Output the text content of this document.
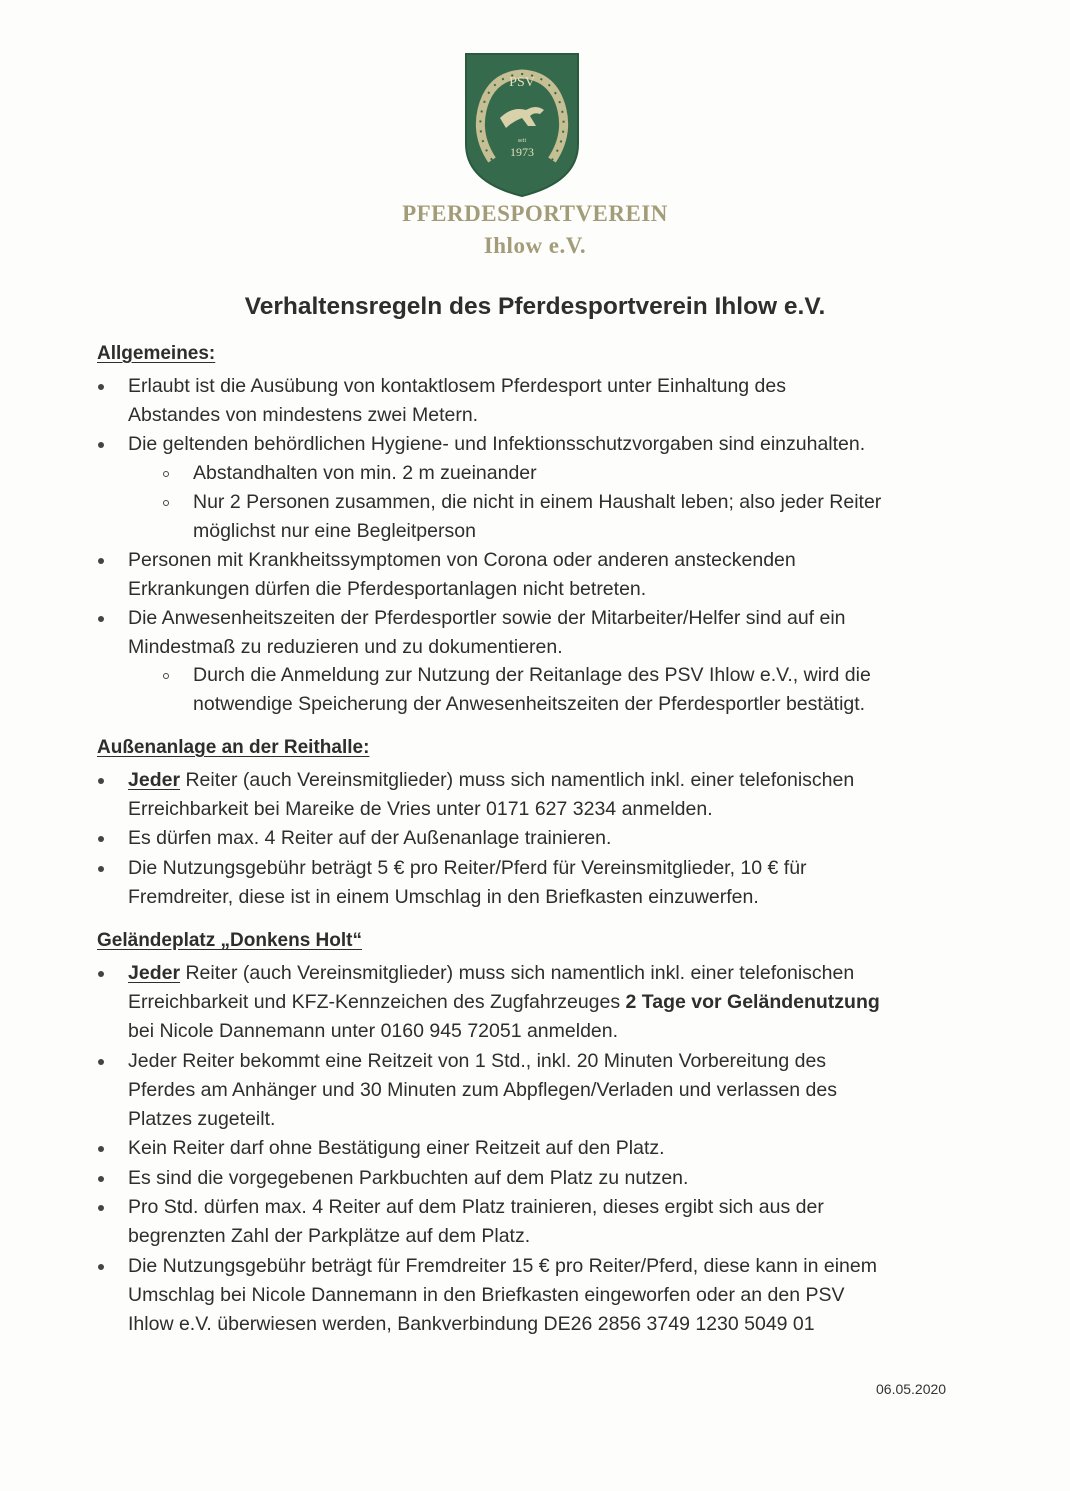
PSV
seit
1973
PFERDESPORTVEREIN
Ihlow e.V.
Verhaltensregeln des Pferdesportverein Ihlow e.V.
Allgemeines:
Erlaubt ist die Ausübung von kontaktlosem Pferdesport unter Einhaltung des
Abstandes von mindestens zwei Metern.
Die geltenden behördlichen Hygiene- und Infektionsschutzvorgaben sind einzuhalten.
Abstandhalten von min. 2 m zueinander
Nur 2 Personen zusammen, die nicht in einem Haushalt leben; also jeder Reiter
möglichst nur eine Begleitperson
Personen mit Krankheitssymptomen von Corona oder anderen ansteckenden
Erkrankungen dürfen die Pferdesportanlagen nicht betreten.
Die Anwesenheitszeiten der Pferdesportler sowie der Mitarbeiter/Helfer sind auf ein
Mindestmaß zu reduzieren und zu dokumentieren.
Durch die Anmeldung zur Nutzung der Reitanlage des PSV Ihlow e.V., wird die
notwendige Speicherung der Anwesenheitszeiten der Pferdesportler bestätigt.
Außenanlage an der Reithalle:
Jeder Reiter (auch Vereinsmitglieder) muss sich namentlich inkl. einer telefonischen
Erreichbarkeit bei Mareike de Vries unter 0171 627 3234 anmelden.
Es dürfen max. 4 Reiter auf der Außenanlage trainieren.
Die Nutzungsgebühr beträgt 5 € pro Reiter/Pferd für Vereinsmitglieder, 10 € für
Fremdreiter, diese ist in einem Umschlag in den Briefkasten einzuwerfen.
Geländeplatz „Donkens Holt“
Jeder Reiter (auch Vereinsmitglieder) muss sich namentlich inkl. einer telefonischen
Erreichbarkeit und KFZ-Kennzeichen des Zugfahrzeuges 2 Tage vor Geländenutzung
bei Nicole Dannemann unter 0160 945 72051 anmelden.
Jeder Reiter bekommt eine Reitzeit von 1 Std., inkl. 20 Minuten Vorbereitung des
Pferdes am Anhänger und 30 Minuten zum Abpflegen/Verladen und verlassen des
Platzes zugeteilt.
Kein Reiter darf ohne Bestätigung einer Reitzeit auf den Platz.
Es sind die vorgegebenen Parkbuchten auf dem Platz zu nutzen.
Pro Std. dürfen max. 4 Reiter auf dem Platz trainieren, dieses ergibt sich aus der
begrenzten Zahl der Parkplätze auf dem Platz.
Die Nutzungsgebühr beträgt für Fremdreiter 15 € pro Reiter/Pferd, diese kann in einem
Umschlag bei Nicole Dannemann in den Briefkasten eingeworfen oder an den PSV
Ihlow e.V. überwiesen werden, Bankverbindung DE26 2856 3749 1230 5049 01
06.05.2020
